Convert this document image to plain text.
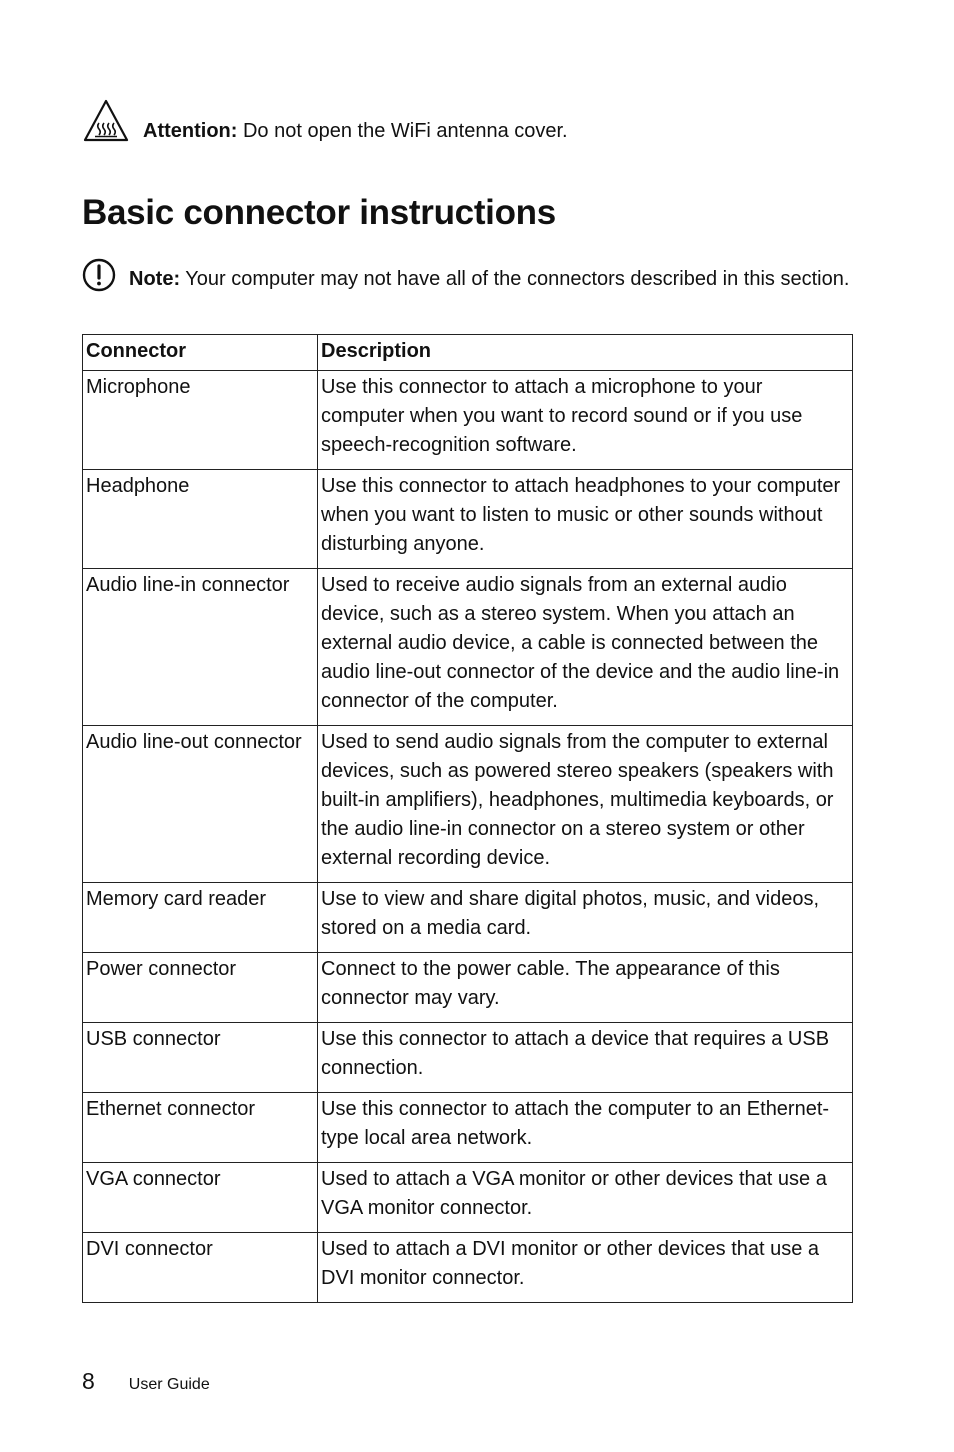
Attention: Do not open the WiFi antenna cover.
Basic connector instructions
Note: Your computer may not have all of the connectors described in this section.
Connector	Description
Microphone	Use this connector to attach a microphone to your computer when you want to record sound or if you use speech-recognition software.
Headphone	Use this connector to attach headphones to your computer when you want to listen to music or other sounds without disturbing anyone.
Audio line-in connector	Used to receive audio signals from an external audio device, such as a stereo system. When you attach an external audio device, a cable is connected between the audio line-out connector of the device and the audio line-in connector of the computer.
Audio line-out connector	Used to send audio signals from the computer to external devices, such as powered stereo speakers (speakers with built-in amplifiers), headphones, multimedia keyboards, or the audio line-in connector on a stereo system or other external recording device.
Memory card reader	Use to view and share digital photos, music, and videos, stored on a media card.
Power connector	Connect to the power cable. The appearance of this connector may vary.
USB connector	Use this connector to attach a device that requires a USB connection.
Ethernet connector	Use this connector to attach the computer to an Ethernet-type local area network.
VGA connector	Used to attach a VGA monitor or other devices that use a VGA monitor connector.
DVI connector	Used to attach a DVI monitor or other devices that use a DVI monitor connector.
8 User Guide
